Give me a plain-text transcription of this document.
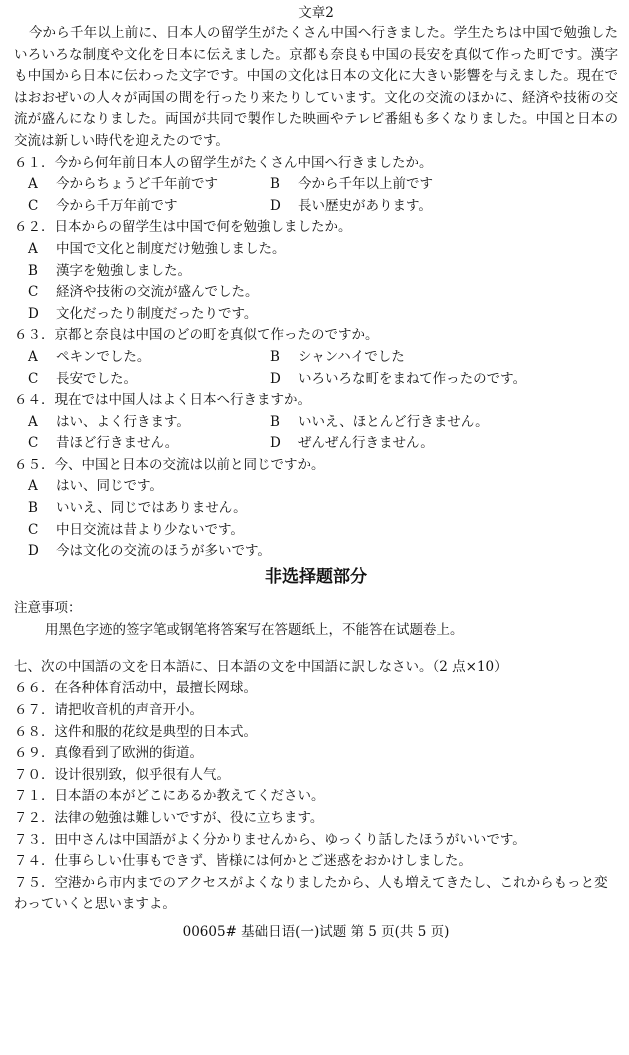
文章2

今から千年以上前に、日本人の留学生がたくさん中国へ行きました。学生たちは中国で勉強したいろいろな制度や文化を日本に伝えました。京都も奈良も中国の長安を真似て作った町です。漢字も中国から日本に伝わった文字です。中国の文化は日本の文化に大きい影響を与えました。現在ではおおぜいの人々が両国の間を行ったり来たりしています。文化の交流のほかに、経済や技術の交流が盛んになりました。両国が共同で製作した映画やテレビ番組も多くなりました。中国と日本の交流は新しい時代を迎えたのです。

６１．今から何年前日本人の留学生がたくさん中国へ行きましたか。
A	今からちょうど千年前です	B	今から千年以上前です
C	今から千万年前です	D	長い歴史があります。
６２．日本からの留学生は中国で何を勉強しましたか。
A	中国で文化と制度だけ勉強しました。
B	漢字を勉強しました。
C	経済や技術の交流が盛んでした。
D	文化だったり制度だったりです。
６３．京都と奈良は中国のどの町を真似て作ったのですか。
A	ペキンでした。	B	シャンハイでした
C	長安でした。	D	いろいろな町をまねて作ったのです。
６４．現在では中国人はよく日本へ行きますか。
A	はい、よく行きます。	B	いいえ、ほとんど行きません。
C	昔ほど行きません。	D	ぜんぜん行きません。
６５．今、中国と日本の交流は以前と同じですか。
A	はい、同じです。
B	いいえ、同じではありません。
C	中日交流は昔より少ないです。
D	今は文化の交流のほうが多いです。
非选择题部分
注意事项：
用黑色字迹的签字笔或钢笔将答案写在答题纸上，不能答在试题卷上。
七、次の中国語の文を日本語に、日本語の文を中国語に訳しなさい。（2 点×10）
６６．在各种体育活动中，最擅长网球。
６７．请把收音机的声音开小。
６８．这件和服的花纹是典型的日本式。
６９．真像看到了欧洲的街道。
７０．设计很别致，似乎很有人气。
７１．日本語の本がどこにあるか教えてください。
７２．法律の勉強は難しいですが、役に立ちます。
７３．田中さんは中国語がよく分かりませんから、ゆっくり話したほうがいいです。
７４．仕事らしい仕事もできず、皆様には何かとご迷惑をおかけしました。
７５．空港から市内までのアクセスがよくなりましたから、人も増えてきたし、これからもっと変わっていくと思いますよ。
00605# 基础日语(一)试题 第 5 页(共 5 页)
